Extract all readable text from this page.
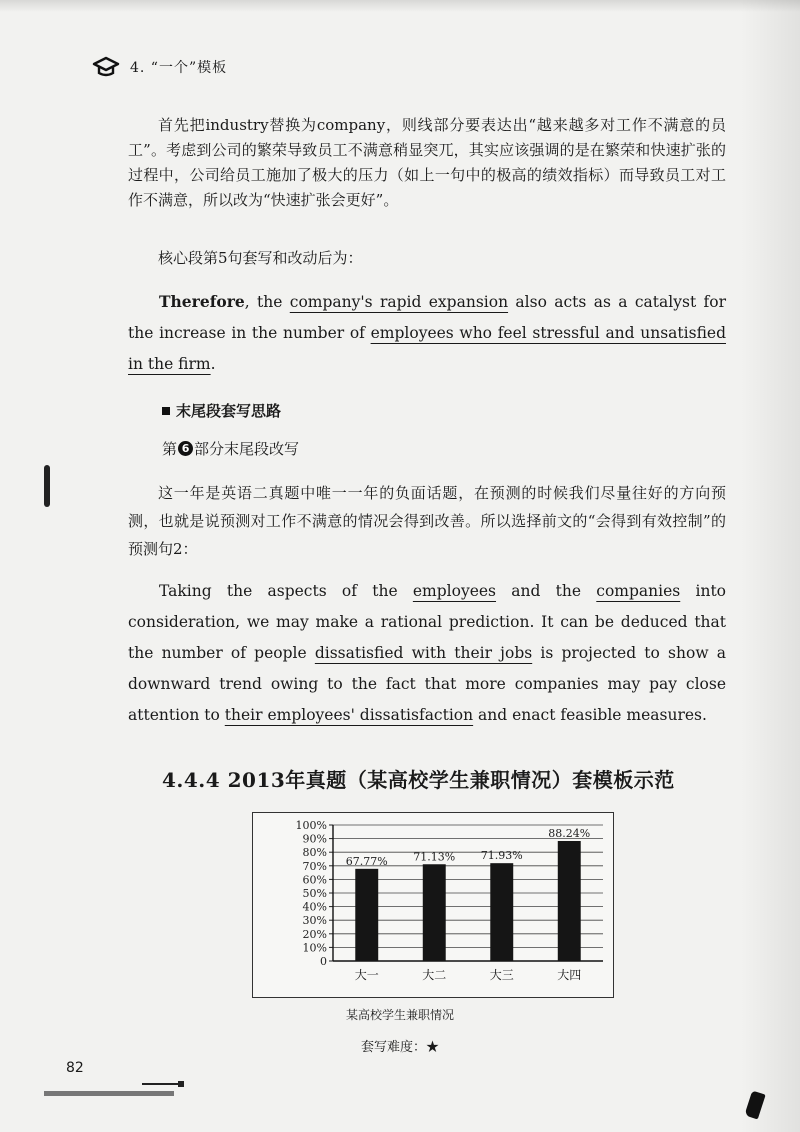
4. “一个”模板
首先把industry替换为company，则线部分要表达出“越来越多对工作不满意的员工”。考虑到公司的繁荣导致员工不满意稍显突兀，其实应该强调的是在繁荣和快速扩张的过程中，公司给员工施加了极大的压力（如上一句中的极高的绩效指标）而导致员工对工作不满意，所以改为“快速扩张会更好”。
核心段第5句套写和改动后为：
Therefore, the company's rapid expansion also acts as a catalyst for the increase in the number of employees who feel stressful and unsatisfied in the firm.
末尾段套写思路
第 6 部分末尾段改写
这一年是英语二真题中唯一一年的负面话题，在预测的时候我们尽量往好的方向预测，也就是说预测对工作不满意的情况会得到改善。所以选择前文的“会得到有效控制”的预测句2：
Taking the aspects of the employees and the companies into consideration, we may make a rational prediction. It can be deduced that the number of people dissatisfied with their jobs is projected to show a downward trend owing to the fact that more companies may pay close attention to their employees' dissatisfaction and enact feasible measures.
4.4.4 2013年真题（某高校学生兼职情况）套模板示范
0
10%
20%
30%
40%
50%
60%
70%
80%
90%
100%
67.77%
大一
71.13%
大二
71.93%
大三
88.24%
大四
某高校学生兼职情况
套写难度：★
82
